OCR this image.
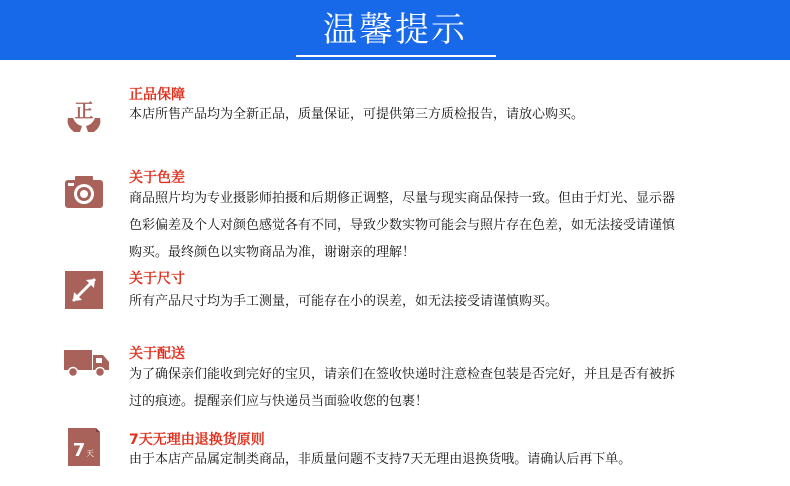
温馨提示
正
正品保障
本店所售产品均为全新正品，质量保证，可提供第三方质检报告，请放心购买。
关于色差
商品照片均为专业摄影师拍摄和后期修正调整，尽量与现实商品保持一致。但由于灯光、显示器
色彩偏差及个人对颜色感觉各有不同，导致少数实物可能会与照片存在色差，如无法接受请谨慎
购买。最终颜色以实物商品为准，谢谢亲的理解！
关于尺寸
所有产品尺寸均为手工测量，可能存在小的误差，如无法接受请谨慎购买。
关于配送
为了确保亲们能收到完好的宝贝，请亲们在签收快递时注意检查包装是否完好，并且是否有被拆
过的痕迹。提醒亲们应与快递员当面验收您的包裹！
7 天
7天无理由退换货原则
由于本店产品属定制类商品，非质量问题不支持7天无理由退换货哦。请确认后再下单。
